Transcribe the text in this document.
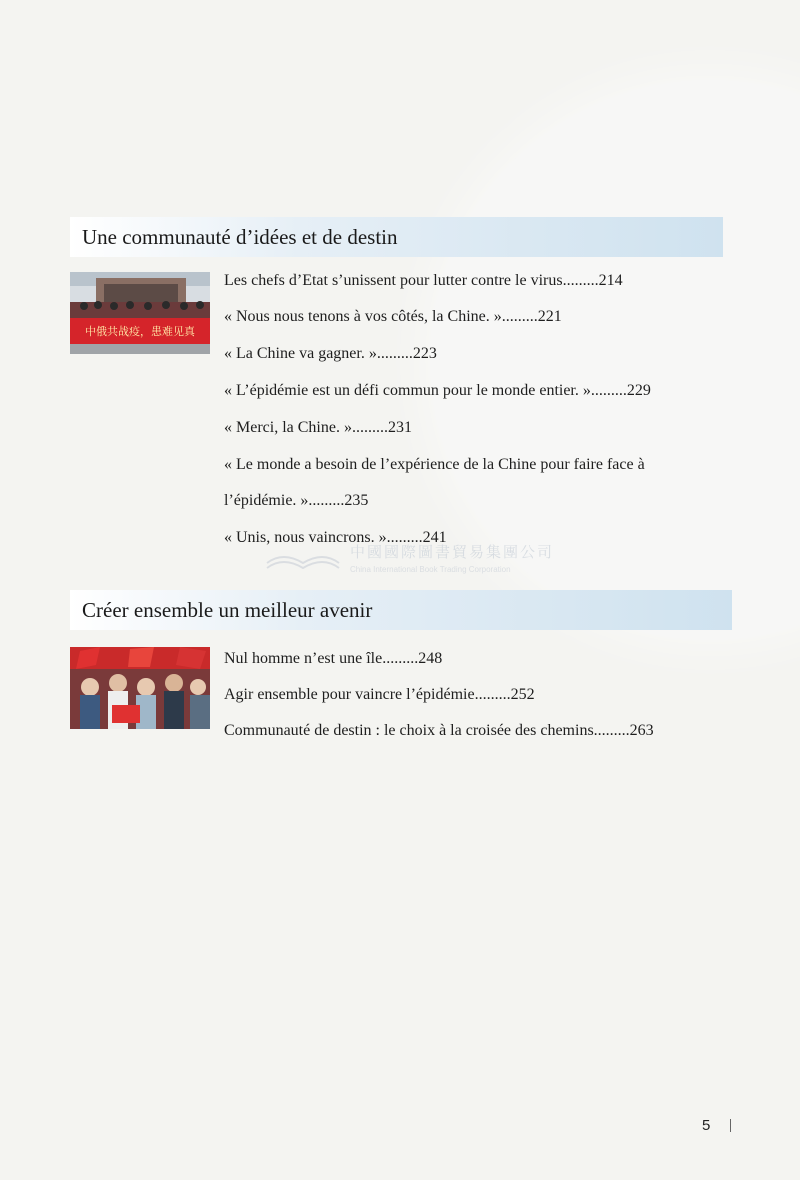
Une communauté d’idées et de destin
中俄共战疫，患难见真
Les chefs d’Etat s’unissent pour lutter contre le virus.........214
« Nous nous tenons à vos côtés, la Chine. ».........221
« La Chine va gagner. ».........223
« L’épidémie est un défi commun pour le monde entier. ».........229
« Merci, la Chine. ».........231
« Le monde a besoin de l’expérience de la Chine pour faire face à
l’épidémie. ».........235
« Unis, nous vaincrons. ».........241
中國國際圖書貿易集團公司
China International Book Trading Corporation
Créer ensemble un meilleur avenir
Nul homme n’est une île.........248
Agir ensemble pour vaincre l’épidémie.........252
Communauté de destin : le choix à la croisée des chemins.........263
5
